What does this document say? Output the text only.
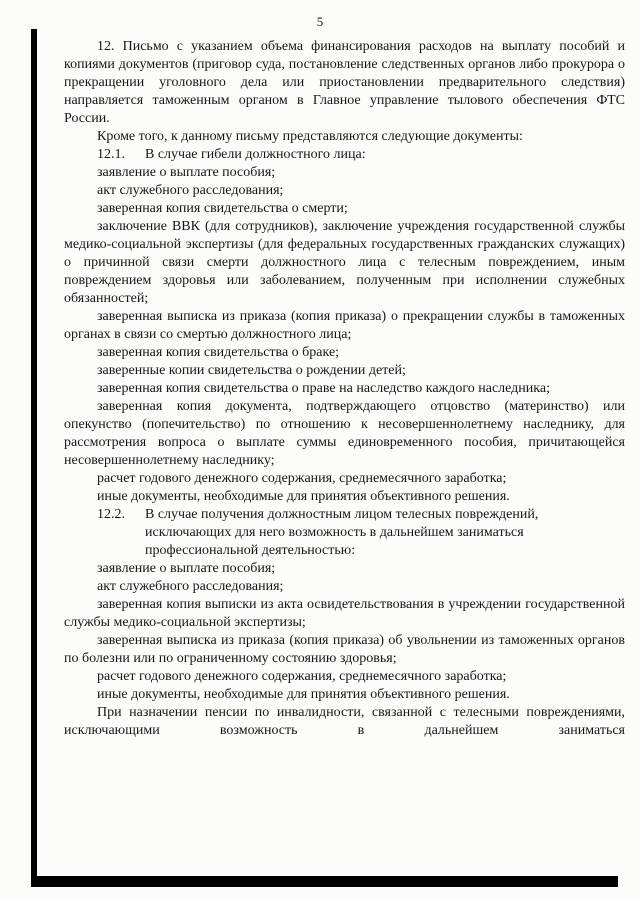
5

12. Письмо с указанием объема финансирования расходов на выплату пособий и копиями документов (приговор суда, постановление следственных органов либо прокурора о прекращении уголовного дела или приостановлении предварительного следствия) направляется таможенным органом в Главное управление тылового обеспечения ФТС России.

Кроме того, к данному письму представляются следующие документы:

12.1. В случае гибели должностного лица:

заявление о выплате пособия;

акт служебного расследования;

заверенная копия свидетельства о смерти;

заключение ВВК (для сотрудников), заключение учреждения государственной службы медико-социальной экспертизы (для федеральных государственных гражданских служащих) о причинной связи смерти должностного лица с телесным повреждением, иным повреждением здоровья или заболеванием, полученным при исполнении служебных обязанностей;

заверенная выписка из приказа (копия приказа) о прекращении службы в таможенных органах в связи со смертью должностного лица;

заверенная копия свидетельства о браке;

заверенные копии свидетельства о рождении детей;

заверенная копия свидетельства о праве на наследство каждого наследника;

заверенная копия документа, подтверждающего отцовство (материнство) или опекунство (попечительство) по отношению к несовершеннолетнему наследнику, для рассмотрения вопроса о выплате суммы единовременного пособия, причитающейся несовершеннолетнему наследнику;

расчет годового денежного содержания, среднемесячного заработка;

иные документы, необходимые для принятия объективного решения.

12.2. В случае получения должностным лицом телесных повреждений, исключающих для него возможность в дальнейшем заниматься профессиональной деятельностью:

заявление о выплате пособия;

акт служебного расследования;

заверенная копия выписки из акта освидетельствования в учреждении государственной службы медико-социальной экспертизы;

заверенная выписка из приказа (копия приказа) об увольнении из таможенных органов по болезни или по ограниченному состоянию здоровья;

расчет годового денежного содержания, среднемесячного заработка;

иные документы, необходимые для принятия объективного решения.

При назначении пенсии по инвалидности, связанной с телесными повреждениями, исключающими возможность в дальнейшем заниматься
